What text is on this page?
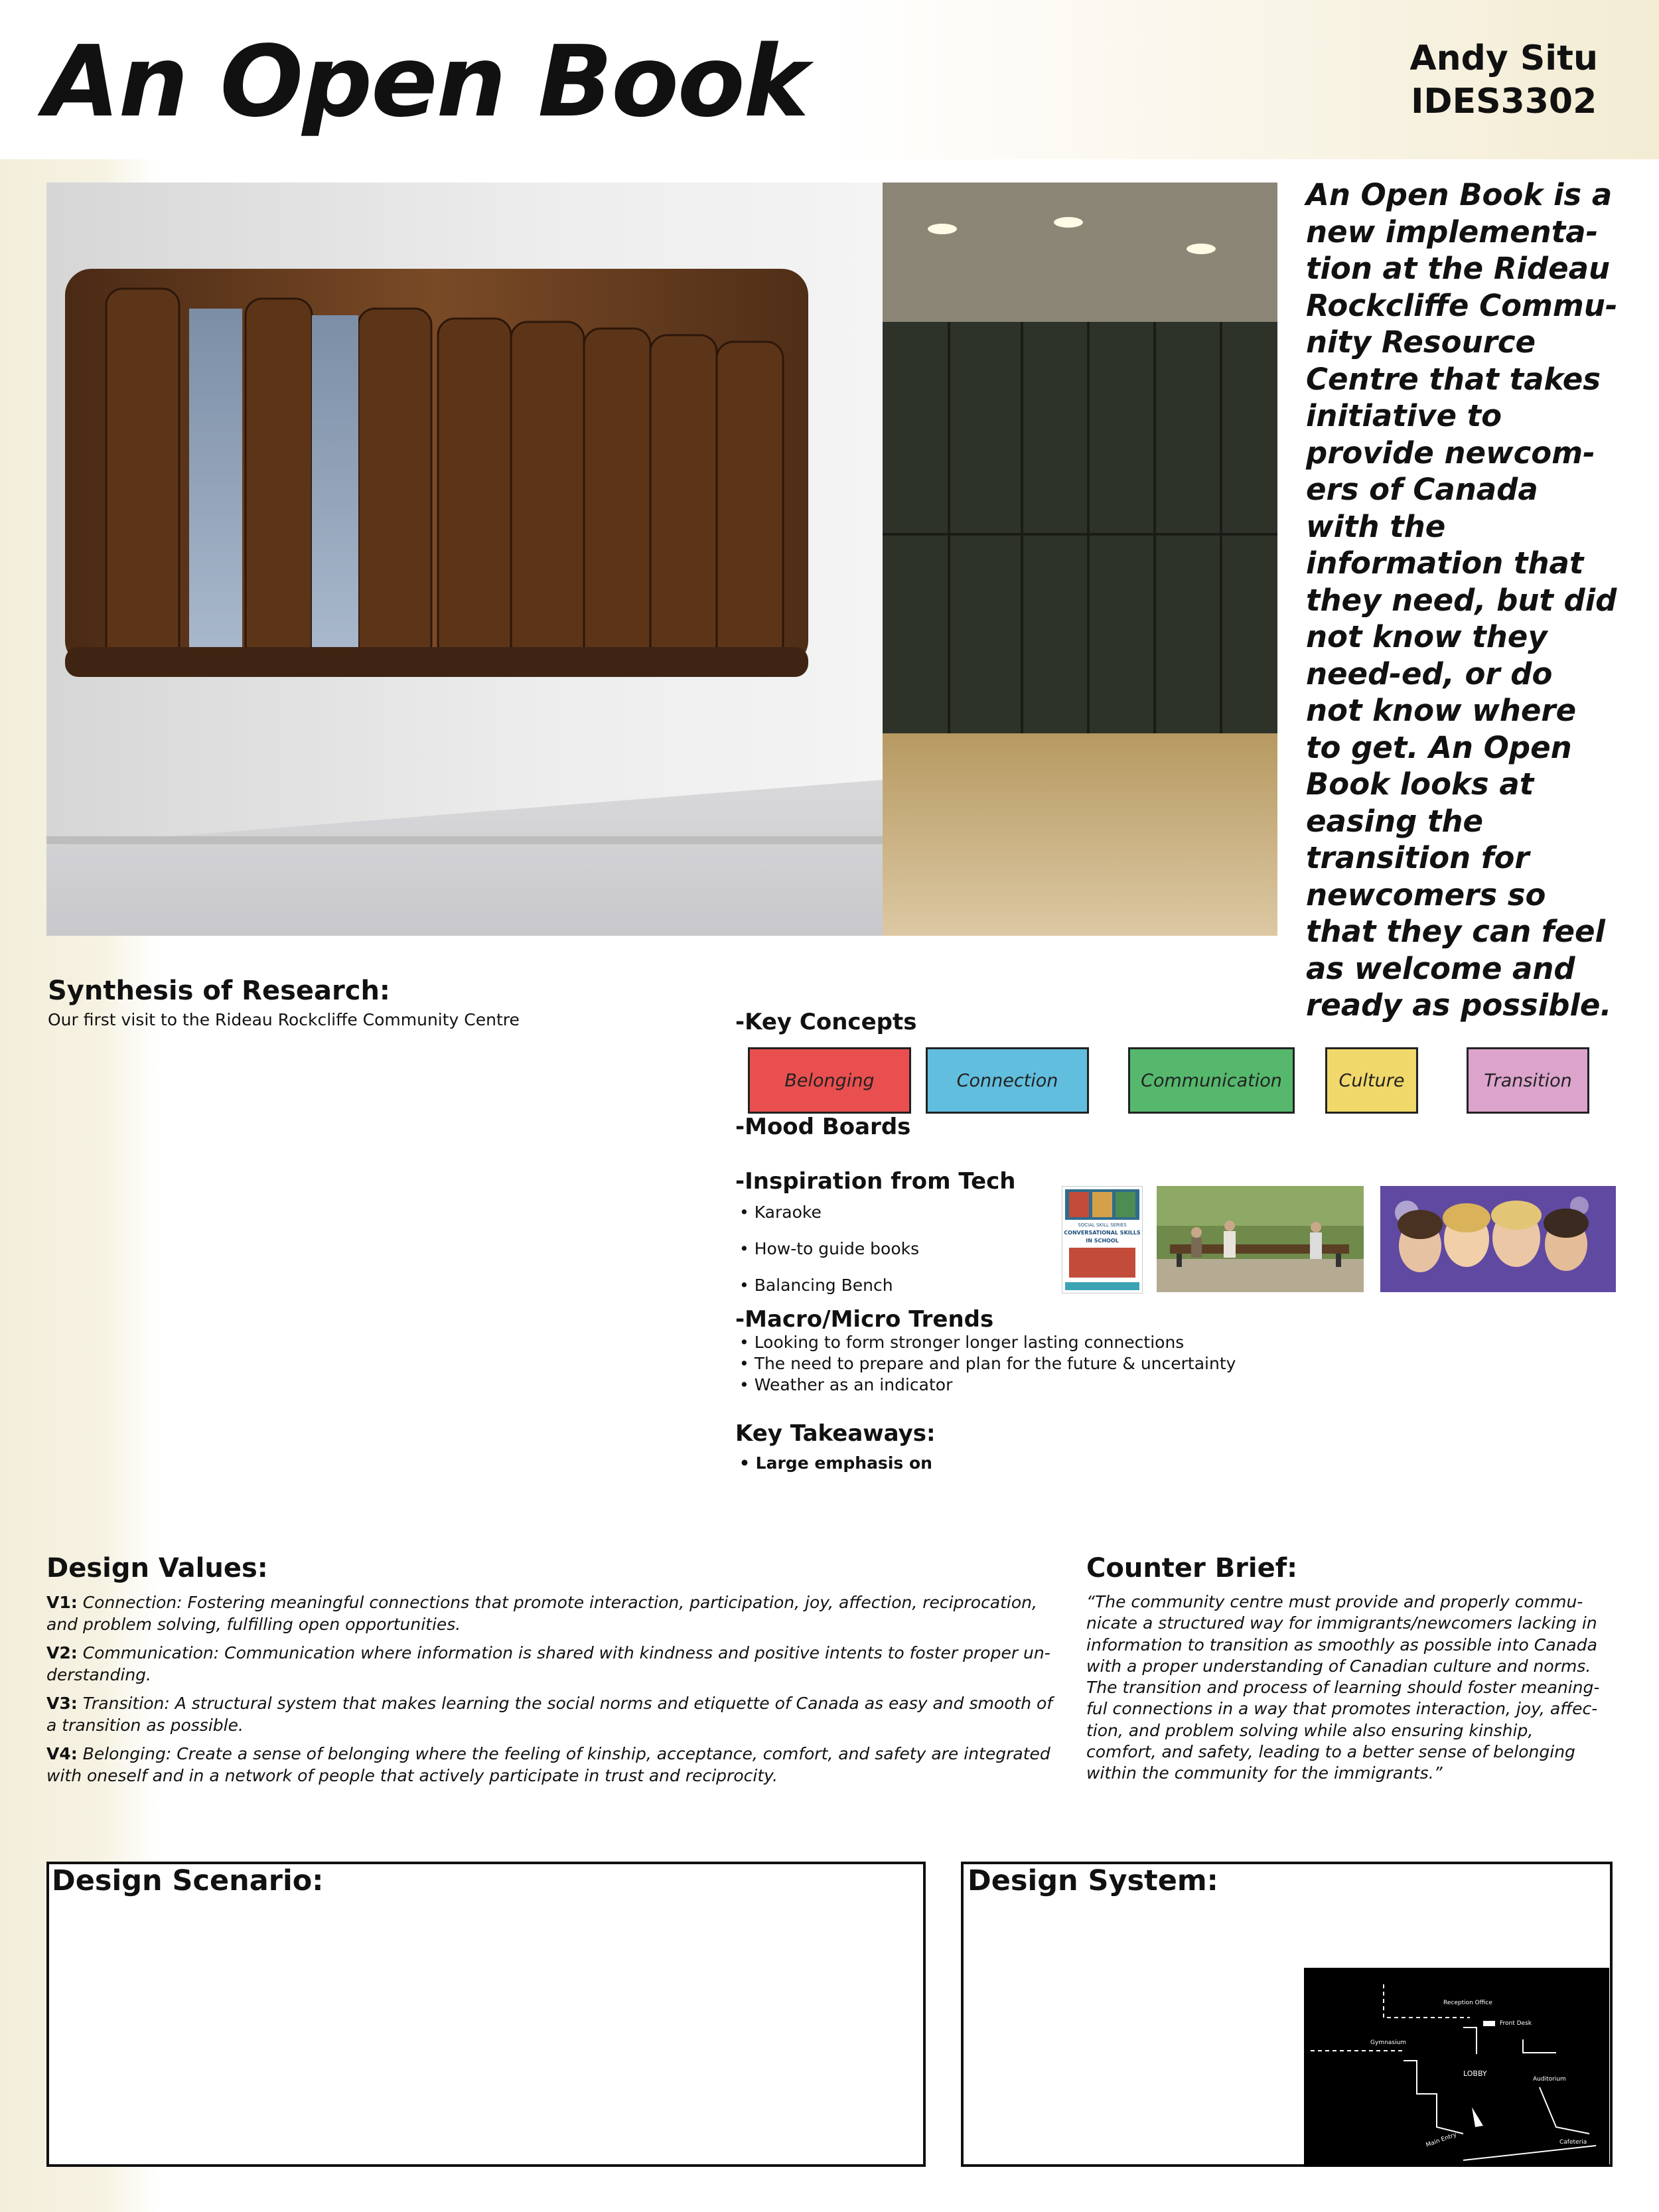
An Open Book	Andy Situ
IDES3302
An Open Book is a new implementa-tion at the Rideau Rockcliffe Commu-nity Resource Centre that takes initiative to provide newcom-ers of Canada with the information that they need, but did not know they need-ed, or do not know where to get. An Open Book looks at easing the transition for newcomers so that they can feel as welcome and ready as possible.
Synthesis of Research:
Our first visit to the Rideau Rockcliffe Community Centre	-Key Concepts
Belonging	Connection	Communication	Culture	Transition
-Mood Boards
-Inspiration from Tech
• Karaoke
• How-to guide books
• Balancing Bench
SOCIAL SKILL SERIES
CONVERSATIONAL SKILLS
IN SCHOOL
-Macro/Micro Trends
• Looking to form stronger longer lasting connections
• The need to prepare and plan for the future & uncertainty
• Weather as an indicator
Key Takeaways:
• Large emphasis on
Design Values:
V1: Connection: Fostering meaningful connections that promote interaction, participation, joy, affection, reciprocation, and problem solving, fulfilling open opportunities.
V2: Communication: Communication where information is shared with kindness and positive intents to foster proper un-derstanding.
V3: Transition: A structural system that makes learning the social norms and etiquette of Canada as easy and smooth of a transition as possible.
V4: Belonging: Create a sense of belonging where the feeling of kinship, acceptance, comfort, and safety are integrated with oneself and in a network of people that actively participate in trust and reciprocity.
Counter Brief:
“The community centre must provide and properly commu-nicate a structured way for immigrants/newcomers lacking in information to transition as smoothly as possible into Canada with a proper understanding of Canadian culture and norms. The transition and process of learning should foster meaning-ful connections in a way that promotes interaction, joy, affec-tion, and problem solving while also ensuring kinship, comfort, and safety, leading to a better sense of belonging within the community for the immigrants.”
Design Scenario:	Design System:
Reception Office
Front Desk
Gymnasium
LOBBY
Auditorium
Main Entry	Cafeteria
